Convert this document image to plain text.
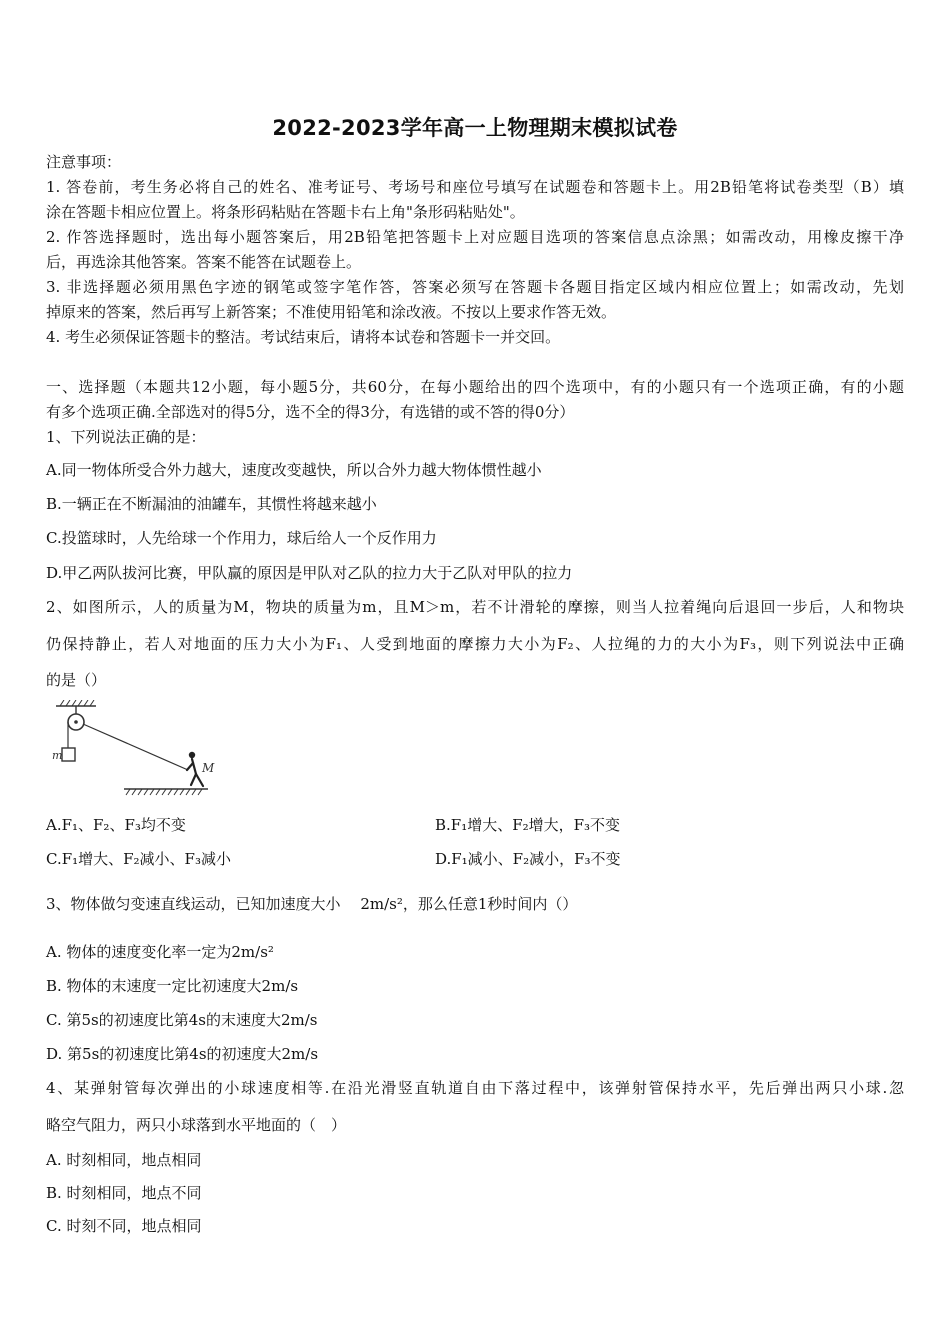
2022-2023学年高一上物理期末模拟试卷
注意事项：
1. 答卷前，考生务必将自己的姓名、准考证号、考场号和座位号填写在试题卷和答题卡上。用2B铅笔将试卷类型（B）填
涂在答题卡相应位置上。将条形码粘贴在答题卡右上角"条形码粘贴处"。
2. 作答选择题时，选出每小题答案后，用2B铅笔把答题卡上对应题目选项的答案信息点涂黑；如需改动，用橡皮擦干净
后，再选涂其他答案。答案不能答在试题卷上。
3. 非选择题必须用黑色字迹的钢笔或签字笔作答，答案必须写在答题卡各题目指定区域内相应位置上；如需改动，先划
掉原来的答案，然后再写上新答案；不准使用铅笔和涂改液。不按以上要求作答无效。
4. 考生必须保证答题卡的整洁。考试结束后，请将本试卷和答题卡一并交回。
一、选择题（本题共12小题，每小题5分，共60分，在每小题给出的四个选项中，有的小题只有一个选项正确，有的小题
有多个选项正确.全部选对的得5分，选不全的得3分，有选错的或不答的得0分）
1、下列说法正确的是：
A.同一物体所受合外力越大，速度改变越快，所以合外力越大物体惯性越小
B.一辆正在不断漏油的油罐车，其惯性将越来越小
C.投篮球时，人先给球一个作用力，球后给人一个反作用力
D.甲乙两队拔河比赛，甲队赢的原因是甲队对乙队的拉力大于乙队对甲队的拉力
2、如图所示，人的质量为M，物块的质量为m，且M＞m，若不计滑轮的摩擦，则当人拉着绳向后退回一步后，人和物块
仍保持静止，若人对地面的压力大小为F₁、人受到地面的摩擦力大小为F₂、人拉绳的力的大小为F₃，则下列说法中正确
的是（）
m
M
A.F₁、F₂、F₃均不变	B.F₁增大、F₂增大，F₃不变
C.F₁增大、F₂减小、F₃减小	D.F₁减小、F₂减小，F₃不变
3、物体做匀变速直线运动，已知加速度大小　 2m/s²，那么任意1秒时间内（）
A. 物体的速度变化率一定为2m/s²
B. 物体的末速度一定比初速度大2m/s
C. 第5s的初速度比第4s的末速度大2m/s
D. 第5s的初速度比第4s的初速度大2m/s
4、某弹射管每次弹出的小球速度相等.在沿光滑竖直轨道自由下落过程中，该弹射管保持水平，先后弹出两只小球.忽
略空气阻力，两只小球落到水平地面的（　）
A. 时刻相同，地点相同
B. 时刻相同，地点不同
C. 时刻不同，地点相同
